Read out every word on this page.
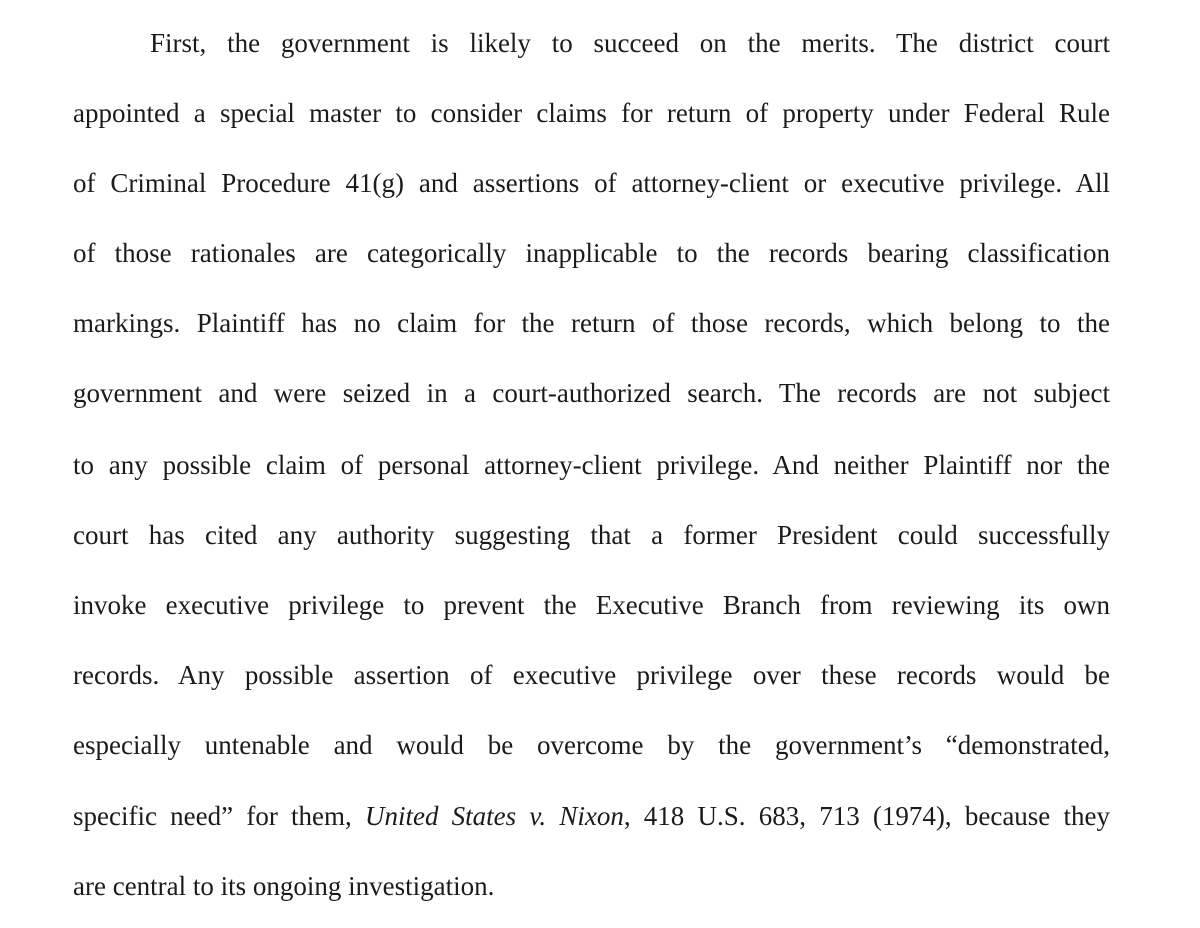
First, the government is likely to succeed on the merits. The district court
appointed a special master to consider claims for return of property under Federal Rule
of Criminal Procedure 41(g) and assertions of attorney-client or executive privilege. All
of those rationales are categorically inapplicable to the records bearing classification
markings. Plaintiff has no claim for the return of those records, which belong to the
government and were seized in a court-authorized search. The records are not subject
to any possible claim of personal attorney-client privilege. And neither Plaintiff nor the
court has cited any authority suggesting that a former President could successfully
invoke executive privilege to prevent the Executive Branch from reviewing its own
records. Any possible assertion of executive privilege over these records would be
especially untenable and would be overcome by the government’s “demonstrated,
specific need” for them, United States v. Nixon, 418 U.S. 683, 713 (1974), because they
are central to its ongoing investigation.
